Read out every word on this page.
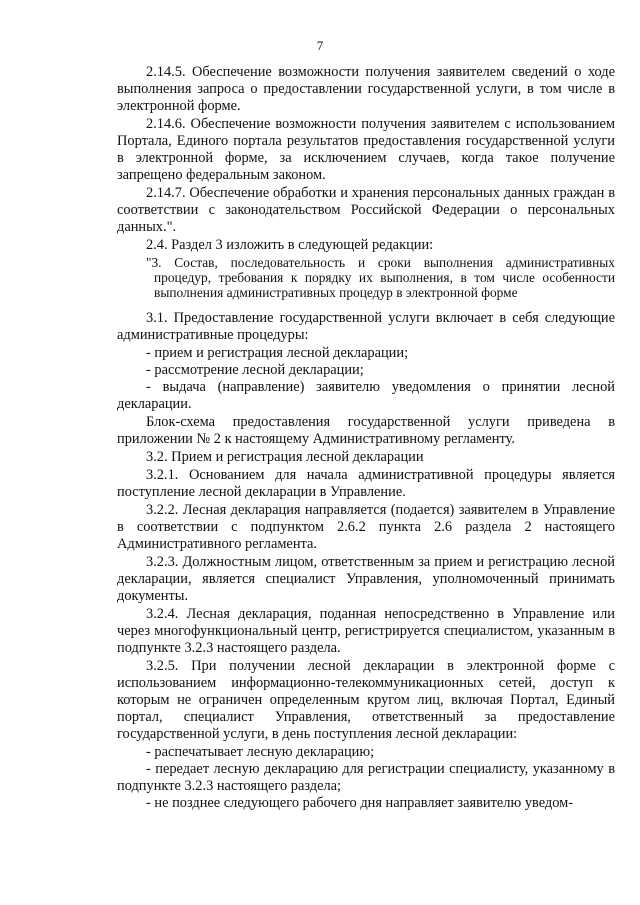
7

2.14.5. Обеспечение возможности получения заявителем сведений о ходе выполнения запроса о предоставлении государственной услуги, в том числе в электронной форме.

2.14.6. Обеспечение возможности получения заявителем с использованием Портала, Единого портала результатов предоставления государственной услуги в электронной форме, за исключением случаев, когда такое получение запрещено федеральным законом.

2.14.7. Обеспечение обработки и хранения персональных данных граждан в соответствии с законодательством Российской Федерации о персональных данных.".

2.4. Раздел 3 изложить в следующей редакции:

"3. Состав, последовательность и сроки выполнения административных процедур, требования к порядку их выполнения, в том числе особенности выполнения административных процедур в электронной форме

3.1. Предоставление государственной услуги включает в себя следующие административные процедуры:

- прием и регистрация лесной декларации;

- рассмотрение лесной декларации;

- выдача (направление) заявителю уведомления о принятии лесной декларации.

Блок-схема предоставления государственной услуги приведена в приложении № 2 к настоящему Административному регламенту.

3.2. Прием и регистрация лесной декларации

3.2.1. Основанием для начала административной процедуры является поступление лесной декларации в Управление.

3.2.2. Лесная декларация направляется (подается) заявителем в Управление в соответствии с подпунктом 2.6.2 пункта 2.6 раздела 2 настоящего Административного регламента.

3.2.3. Должностным лицом, ответственным за прием и регистрацию лесной декларации, является специалист Управления, уполномоченный принимать документы.

3.2.4. Лесная декларация, поданная непосредственно в Управление или через многофункциональный центр, регистрируется специалистом, указанным в подпункте 3.2.3 настоящего раздела.

3.2.5. При получении лесной декларации в электронной форме с использованием информационно-телекоммуникационных сетей, доступ к которым не ограничен определенным кругом лиц, включая Портал, Единый портал, специалист Управления, ответственный за предоставление государственной услуги, в день поступления лесной декларации:

- распечатывает лесную декларацию;

- передает лесную декларацию для регистрации специалисту, указанному в подпункте 3.2.3 настоящего раздела;

- не позднее следующего рабочего дня направляет заявителю уведом-
